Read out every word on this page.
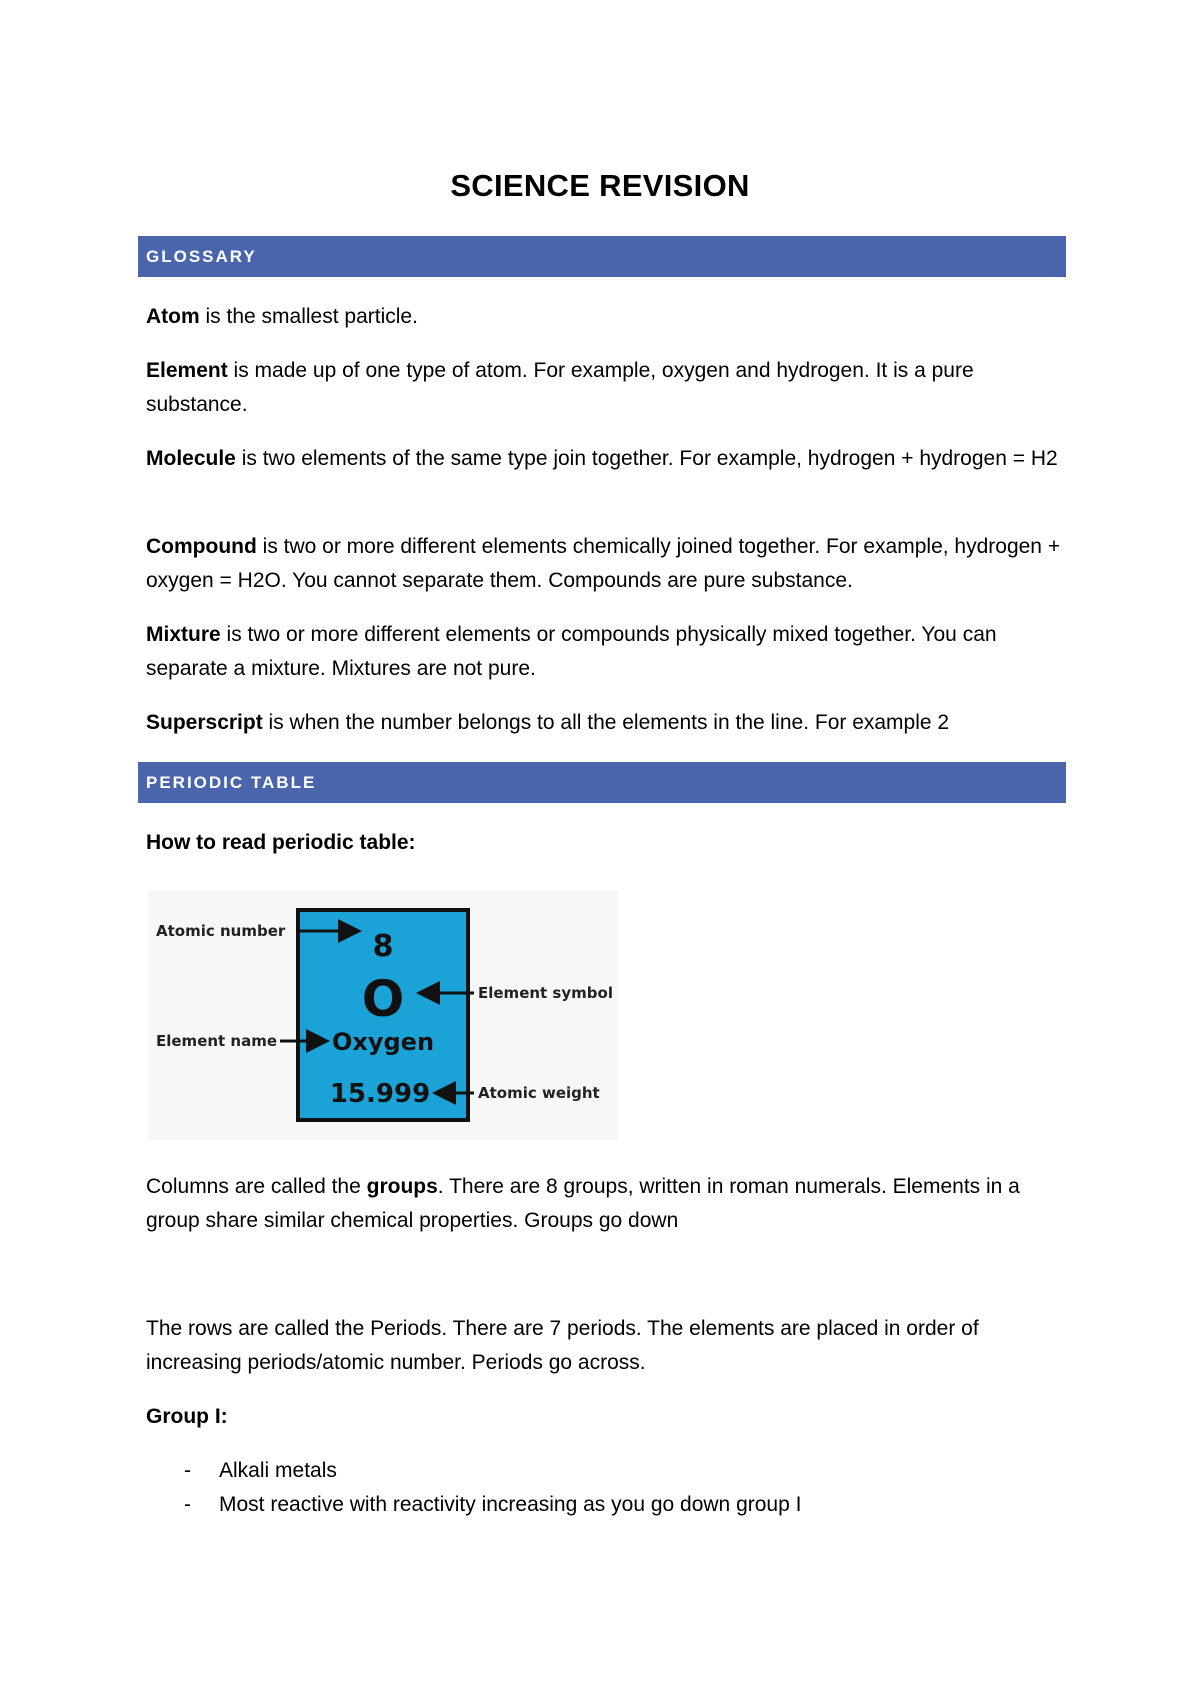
SCIENCE REVISION
GLOSSARY

Atom is the smallest particle.

Element is made up of one type of atom. For example, oxygen and hydrogen. It is a pure substance.

Molecule is two elements of the same type join together. For example, hydrogen + hydrogen = H2

Compound is two or more different elements chemically joined together. For example, hydrogen + oxygen = H2O. You cannot separate them. Compounds are pure substance.

Mixture is two or more different elements or compounds physically mixed together. You can separate a mixture. Mixtures are not pure.

Superscript is when the number belongs to all the elements in the line. For example 2

PERIODIC TABLE

How to read periodic table:

8
O
Oxygen
15.999
Atomic number
Element symbol
Element name
Atomic weight

Columns are called the groups. There are 8 groups, written in roman numerals. Elements in a group share similar chemical properties. Groups go down

The rows are called the Periods. There are 7 periods. The elements are placed in order of increasing periods/atomic number. Periods go across.

Group I:

- Alkali metals
- Most reactive with reactivity increasing as you go down group I
